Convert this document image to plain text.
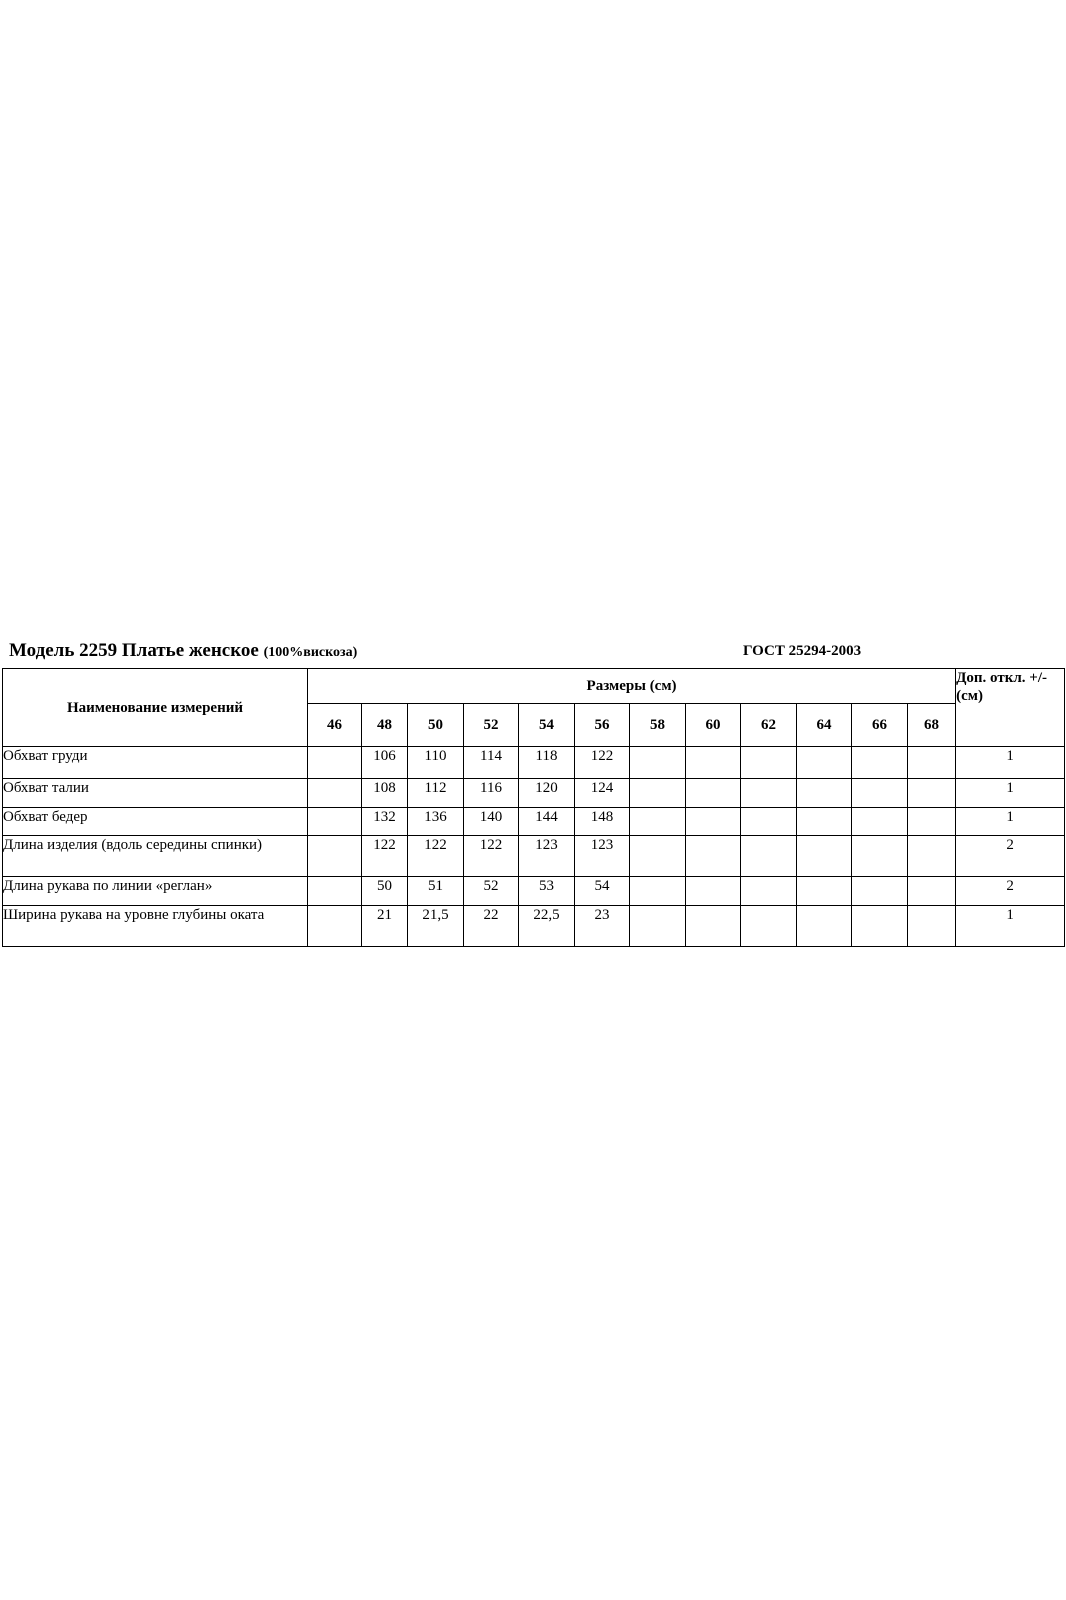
Модель 2259 Платье женское (100%вискоза)	ГОСТ 25294-2003
Наименование измерений	Размеры (см)												Доп. откл. +/- (см)
	46	48	50	52	54	56	58	60	62	64	66	68	
Обхват груди		106	110	114	118	122							1
Обхват талии		108	112	116	120	124							1
Обхват бедер		132	136	140	144	148							1
Длина изделия (вдоль середины спинки)		122	122	122	123	123							2
Длина рукава по линии «реглан»		50	51	52	53	54							2
Ширина рукава на уровне глубины оката		21	21,5	22	22,5	23							1
